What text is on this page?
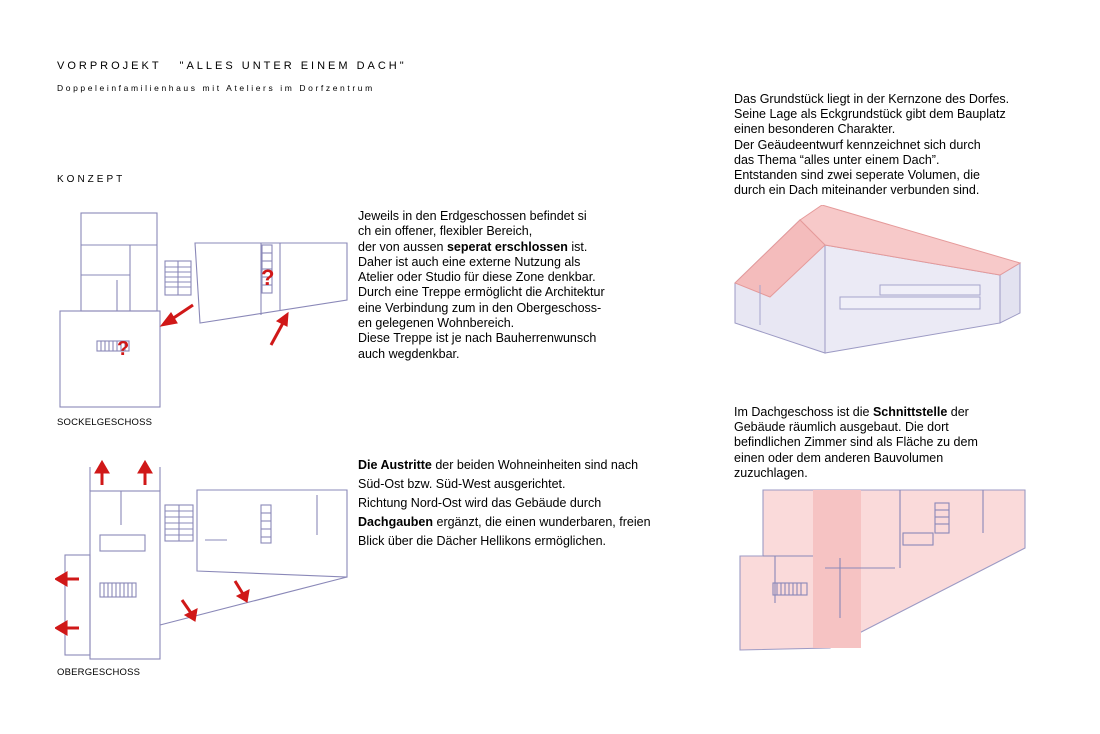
VORPROJEKT   "ALLES UNTER EINEM DACH"
Doppeleinfamilienhaus mit Ateliers im Dorfzentrum
KONZEPT
?
?
SOCKELGESCHOSS

Jeweils in den Erdgeschossen befindet si

ch ein offener, flexibler Bereich,

der von aussen seperat erschlossen ist.

Daher ist auch eine externe Nutzung als

Atelier oder Studio für diese Zone denkbar.

Durch eine Treppe ermöglicht die Architektur

eine Verbindung zum in den Obergeschoss-

en gelegenen Wohnbereich.

Diese Treppe ist je nach Bauherrenwunsch

auch wegdenkbar.

OBERGESCHOSS

Die Austritte der beiden Wohneinheiten sind nach

Süd-Ost bzw. Süd-West ausgerichtet.

Richtung Nord-Ost wird das Gebäude durch

Dachgauben ergänzt, die einen wunderbaren, freien

Blick über die Dächer Hellikons ermöglichen.

Das Grundstück liegt in der Kernzone des Dorfes.

Seine Lage als Eckgrundstück gibt dem Bauplatz

einen besonderen Charakter.

Der Geäudeentwurf kennzeichnet sich durch

das Thema “alles unter einem Dach”.

Entstanden sind zwei seperate Volumen, die

durch ein Dach miteinander verbunden sind.

Im Dachgeschoss ist die Schnittstelle der

Gebäude räumlich ausgebaut. Die dort

befindlichen Zimmer sind als Fläche zu dem

einen oder dem anderen Bauvolumen

zuzuchlagen.
